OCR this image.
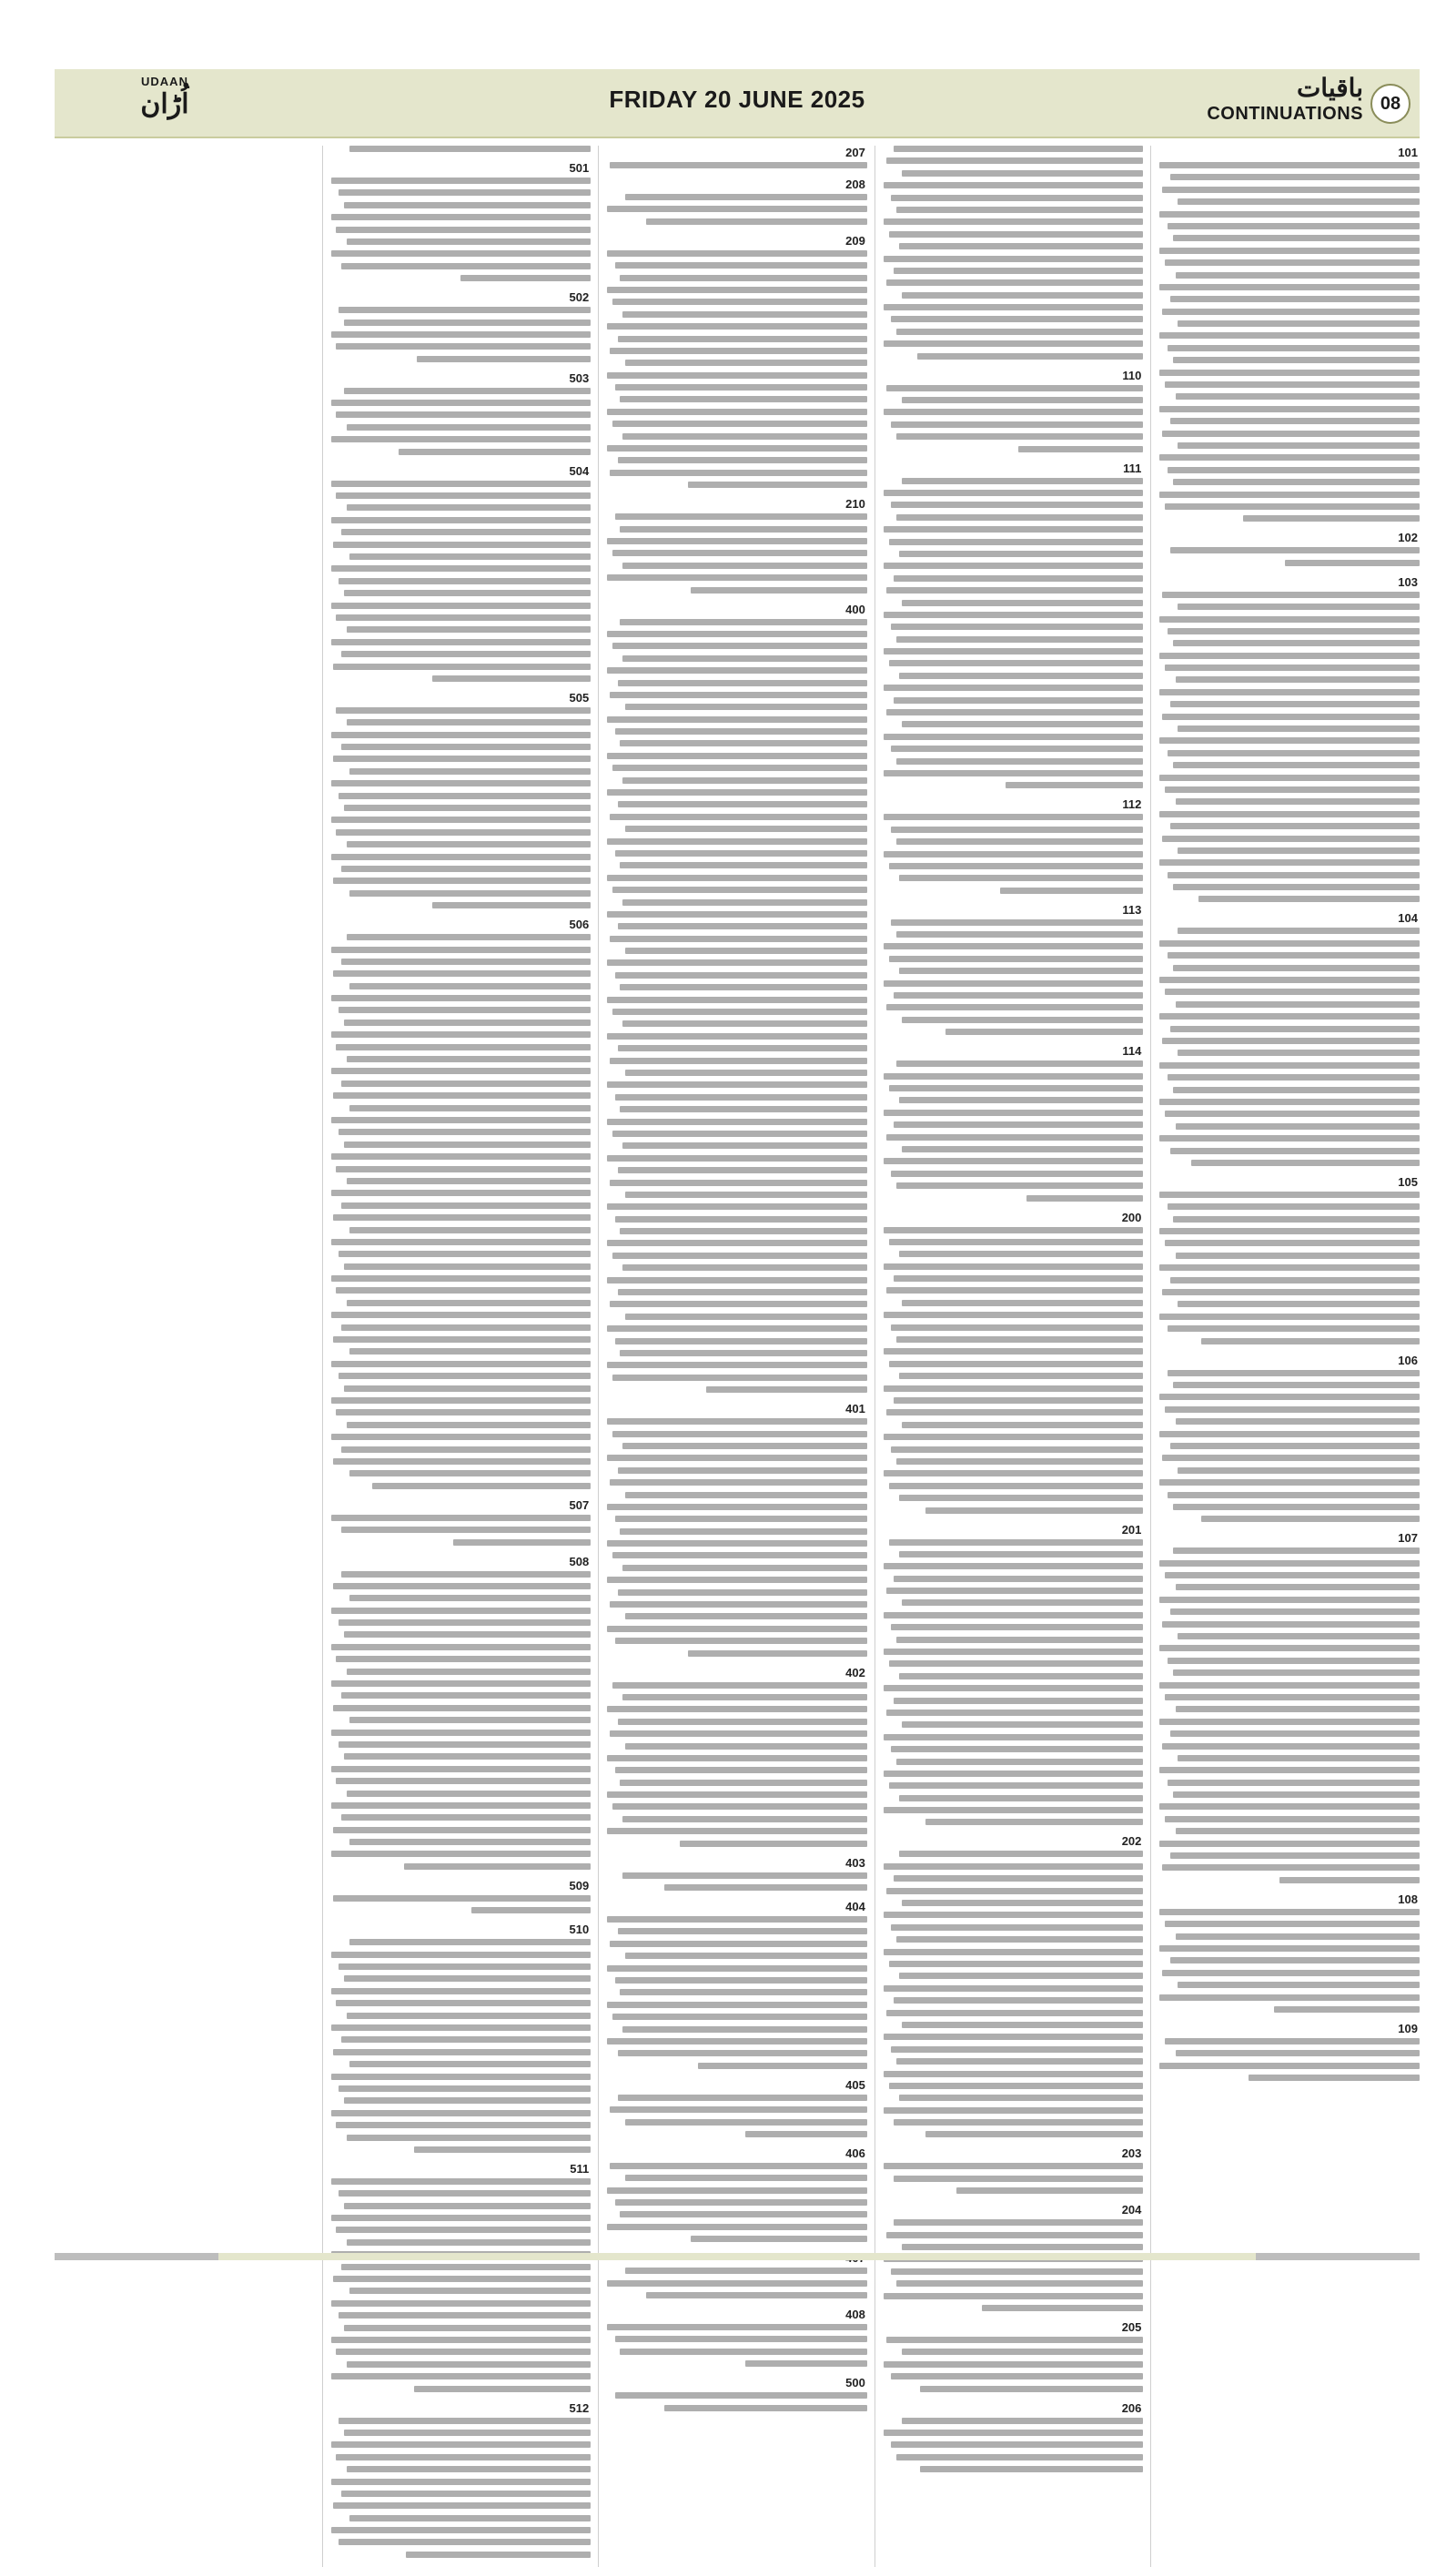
UDAAN
اُڑان	FRIDAY 20 JUNE 2025	باقیات
CONTINUATIONS 08
101
102
103
104
105
106
107
108
109
110
111
112
113
114
200
201
202
203
204
205
206
207
208
209
210
400
401
402
403
404
405
406
408
500
501
502
503
504
505
506
507
508
509
510
511
512
